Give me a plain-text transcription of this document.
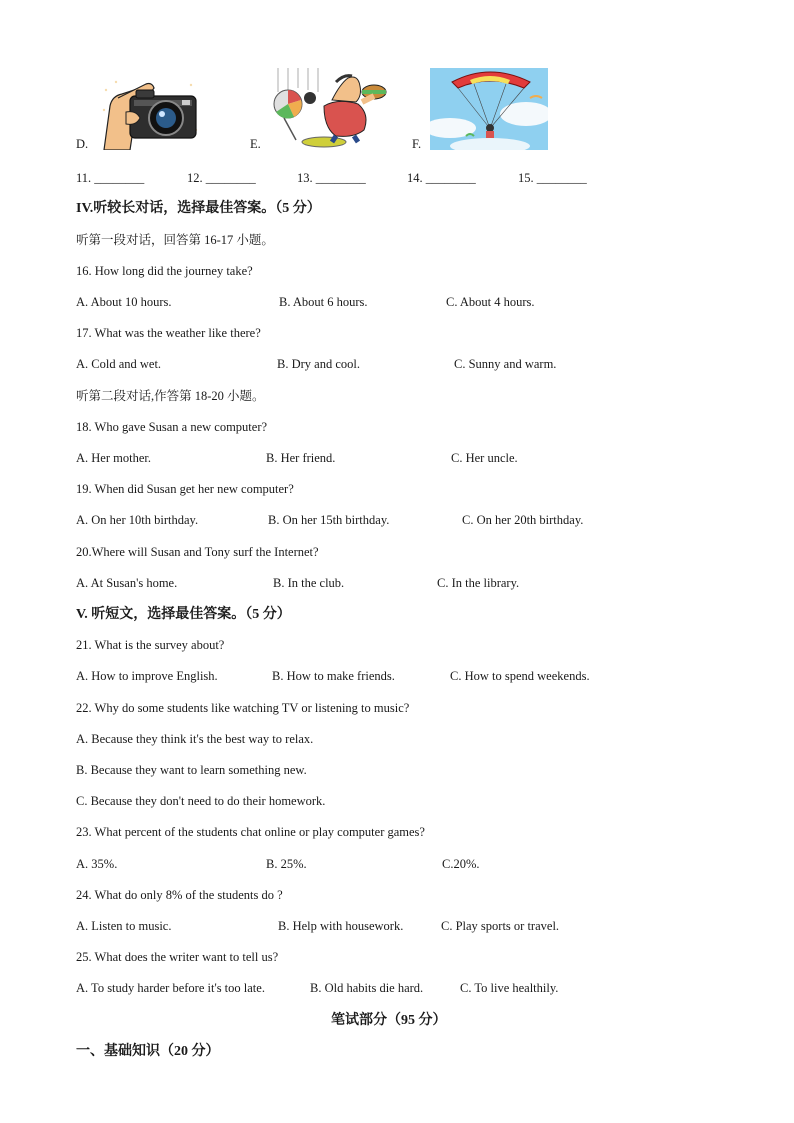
D.	E.	F.
11. ________	12. ________	13. ________	14. ________	15. ________
IV.听较长对话，选择最佳答案。（5 分）
听第一段对话，回答第 16-17 小题。
16. How long did the journey take?
A. About 10 hours.	B. About 6 hours.	C. About 4 hours.
17. What was the weather like there?
A. Cold and wet.	B. Dry and cool.	C. Sunny and warm.
听第二段对话,作答第 18-20 小题。
18. Who gave Susan a new computer?
A. Her mother.	B. Her friend.	C. Her uncle.
19. When did Susan get her new computer?
A. On her 10th birthday.	B. On her 15th birthday.	C. On her 20th birthday.
20.Where will Susan and Tony surf the Internet?
A. At Susan's home.	B. In the club.	C. In the library.
V. 听短文，选择最佳答案。（5 分）
21. What is the survey about?
A. How to improve English.	B. How to make friends.	C. How to spend weekends.
22. Why do some students like watching TV or listening to music?
A. Because they think it's the best way to relax.
B. Because they want to learn something new.
C. Because they don't need to do their homework.
23. What percent of the students chat online or play computer games?
A. 35%.	B. 25%.	C.20%.
24. What do only 8% of the students do ?
A. Listen to music.	B. Help with housework.	C. Play sports or travel.
25. What does the writer want to tell us?
A. To study harder before it's too late.	B. Old habits die hard.	C. To live healthily.
笔试部分（95 分）
一、基础知识（20 分）
